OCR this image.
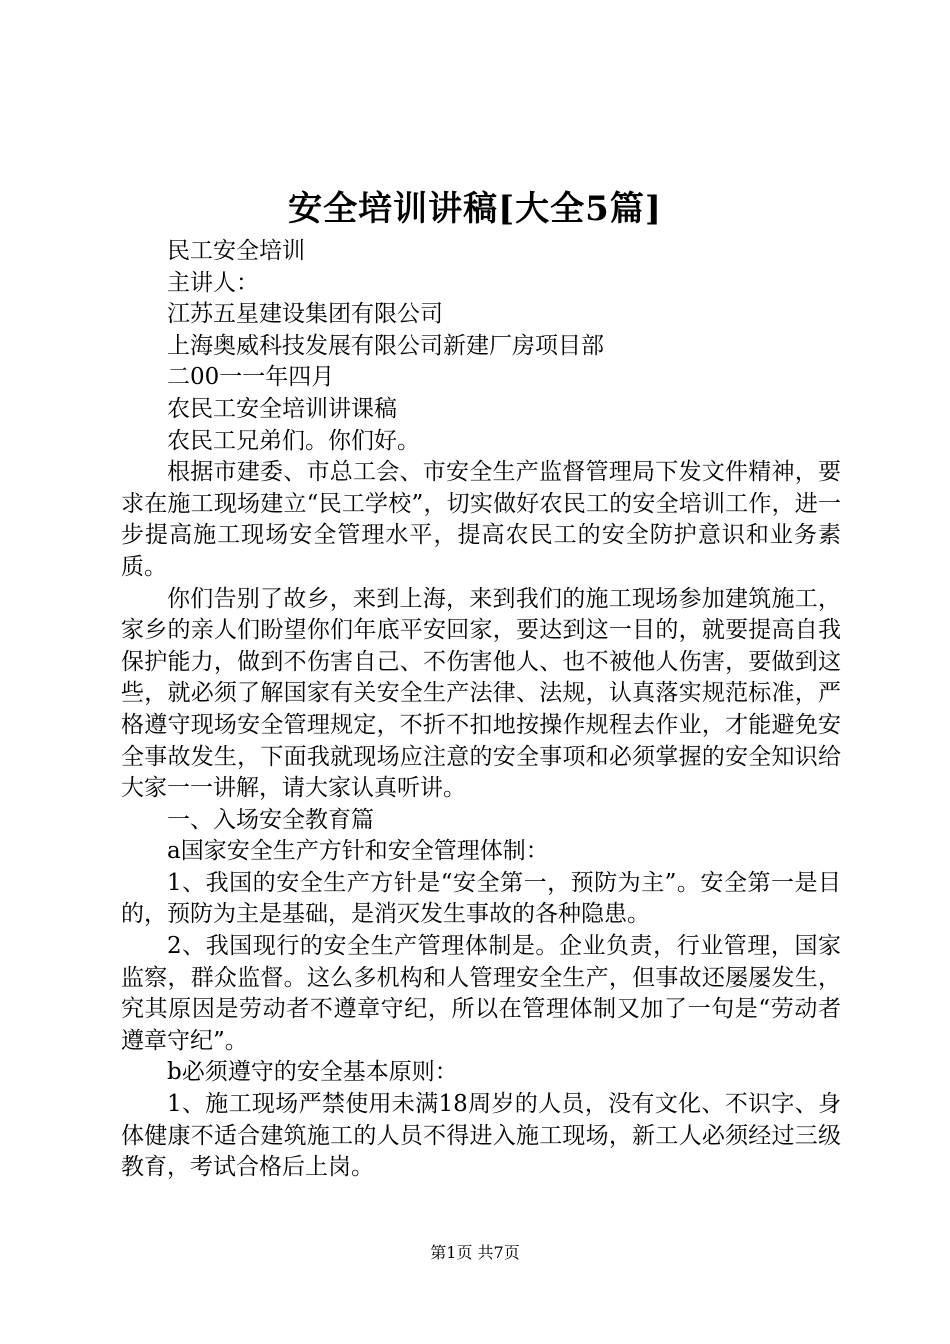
安全培训讲稿[大全5篇]

民工安全培训

主讲人：

江苏五星建设集团有限公司

上海奥威科技发展有限公司新建厂房项目部

二00一一年四月

农民工安全培训讲课稿

农民工兄弟们。你们好。

根据市建委、市总工会、市安全生产监督管理局下发文件精神，要求在施工现场建立“民工学校”，切实做好农民工的安全培训工作，进一步提高施工现场安全管理水平，提高农民工的安全防护意识和业务素质。

你们告别了故乡，来到上海，来到我们的施工现场参加建筑施工，家乡的亲人们盼望你们年底平安回家，要达到这一目的，就要提高自我保护能力，做到不伤害自己、不伤害他人、也不被他人伤害，要做到这些，就必须了解国家有关安全生产法律、法规，认真落实规范标准，严格遵守现场安全管理规定，不折不扣地按操作规程去作业，才能避免安全事故发生，下面我就现场应注意的安全事项和必须掌握的安全知识给大家一一讲解，请大家认真听讲。

一、入场安全教育篇

a国家安全生产方针和安全管理体制：

1、我国的安全生产方针是“安全第一，预防为主”。安全第一是目的，预防为主是基础，是消灭发生事故的各种隐患。

2、我国现行的安全生产管理体制是。企业负责，行业管理，国家监察，群众监督。这么多机构和人管理安全生产，但事故还屡屡发生，究其原因是劳动者不遵章守纪，所以在管理体制又加了一句是“劳动者遵章守纪”。

b必须遵守的安全基本原则：

1、施工现场严禁使用未满18周岁的人员，没有文化、不识字、身体健康不适合建筑施工的人员不得进入施工现场，新工人必须经过三级教育，考试合格后上岗。

第1页 共7页
